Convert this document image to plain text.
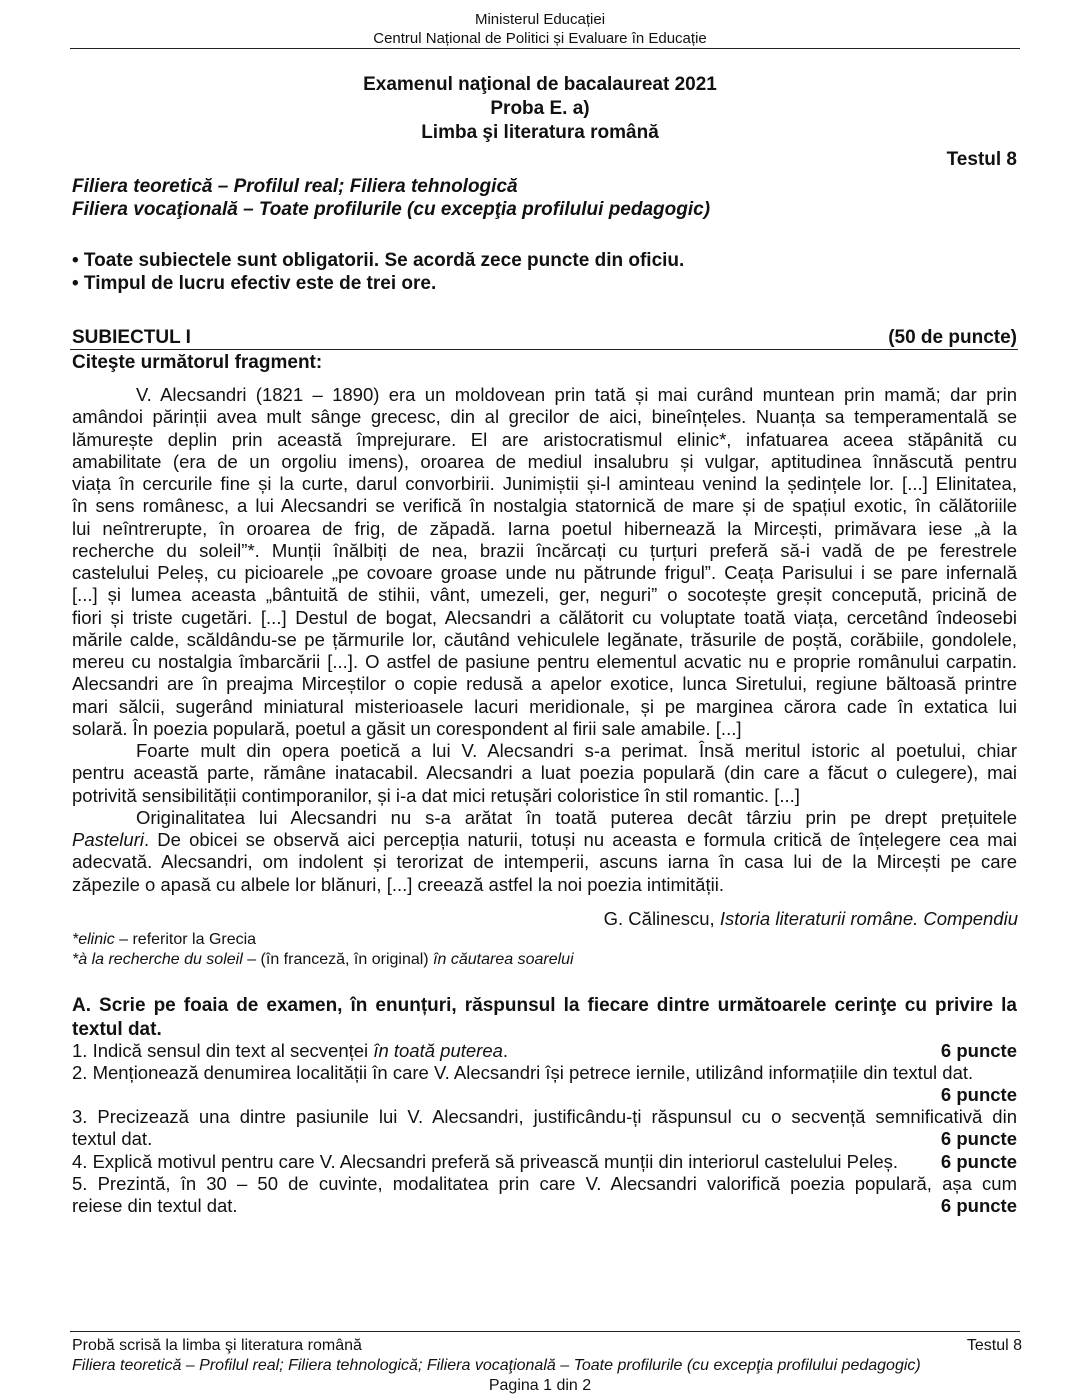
Ministerul Educației
Centrul Național de Politici și Evaluare în Educație
Examenul naţional de bacalaureat 2021
Proba E. a)
Limba şi literatura română
Testul 8
Filiera teoretică – Profilul real; Filiera tehnologică
Filiera vocaţională – Toate profilurile (cu excepţia profilului pedagogic)
• Toate subiectele sunt obligatorii. Se acordă zece puncte din oficiu.
• Timpul de lucru efectiv este de trei ore.
SUBIECTUL I	(50 de puncte)
Citeşte următorul fragment:
V. Alecsandri (1821 – 1890) era un moldovean prin tată și mai curând muntean prin mamă; dar prin
amândoi părinții avea mult sânge grecesc, din al grecilor de aici, bineînțeles. Nuanța sa temperamentală se
lămurește deplin prin această împrejurare. El are aristocratismul elinic*, infatuarea aceea stăpânită cu
amabilitate (era de un orgoliu imens), oroarea de mediul insalubru și vulgar, aptitudinea înnăscută pentru
viața în cercurile fine și la curte, darul convorbirii. Junimiștii și-l aminteau venind la ședințele lor. [...] Elinitatea,
în sens românesc, a lui Alecsandri se verifică în nostalgia statornică de mare și de spațiul exotic, în călătoriile
lui neîntrerupte, în oroarea de frig, de zăpadă. Iarna poetul hibernează la Mircești, primăvara iese „à la
recherche du soleil”*. Munții înălbiți de nea, brazii încărcați cu țurțuri preferă să-i vadă de pe ferestrele
castelului Peleș, cu picioarele „pe covoare groase unde nu pătrunde frigul”. Ceața Parisului i se pare infernală
[...] și lumea aceasta „bântuită de stihii, vânt, umezeli, ger, neguri” o socotește greșit concepută, pricină de
fiori și triste cugetări. [...] Destul de bogat, Alecsandri a călătorit cu voluptate toată viața, cercetând îndeosebi
mările calde, scăldându-se pe țărmurile lor, căutând vehiculele legănate, trăsurile de poștă, corăbiile, gondolele,
mereu cu nostalgia îmbarcării [...]. O astfel de pasiune pentru elementul acvatic nu e proprie românului carpatin.
Alecsandri are în preajma Mirceștilor o copie redusă a apelor exotice, lunca Siretului, regiune băltoasă printre
mari sălcii, sugerând miniatural misterioasele lacuri meridionale, și pe marginea cărora cade în extatica lui
solară. În poezia populară, poetul a găsit un corespondent al firii sale amabile. [...]
Foarte mult din opera poetică a lui V. Alecsandri s-a perimat. Însă meritul istoric al poetului, chiar
pentru această parte, rămâne inatacabil. Alecsandri a luat poezia populară (din care a făcut o culegere), mai
potrivită sensibilității contimporanilor, și i-a dat mici retușări coloristice în stil romantic. [...]
Originalitatea lui Alecsandri nu s-a arătat în toată puterea decât târziu prin pe drept prețuitele
Pasteluri. De obicei se observă aici percepția naturii, totuși nu aceasta e formula critică de înțelegere cea mai
adecvată. Alecsandri, om indolent și terorizat de intemperii, ascuns iarna în casa lui de la Mircești pe care
zăpezile o apasă cu albele lor blănuri, [...] creează astfel la noi poezia intimității.
G. Călinescu, Istoria literaturii române. Compendiu
*elinic – referitor la Grecia
*à la recherche du soleil – (în franceză, în original) în căutarea soarelui
A. Scrie pe foaia de examen, în enunțuri, răspunsul la fiecare dintre următoarele cerinţe cu privire la
textul dat.
1. Indică sensul din text al secvenței în toată puterea.	6 puncte
2. Menționează denumirea localității în care V. Alecsandri își petrece iernile, utilizând informațiile din textul dat.
6 puncte
3. Precizează una dintre pasiunile lui V. Alecsandri, justificându-ți răspunsul cu o secvență semnificativă din
textul dat.	6 puncte
4. Explică motivul pentru care V. Alecsandri preferă să privească munții din interiorul castelului Peleș. 6 puncte
5. Prezintă, în 30 – 50 de cuvinte, modalitatea prin care V. Alecsandri valorifică poezia populară, așa cum
reiese din textul dat.	6 puncte
Probă scrisă la limba şi literatura română	Testul 8
Filiera teoretică – Profilul real; Filiera tehnologică; Filiera vocaţională – Toate profilurile (cu excepţia profilului pedagogic)
Pagina 1 din 2
